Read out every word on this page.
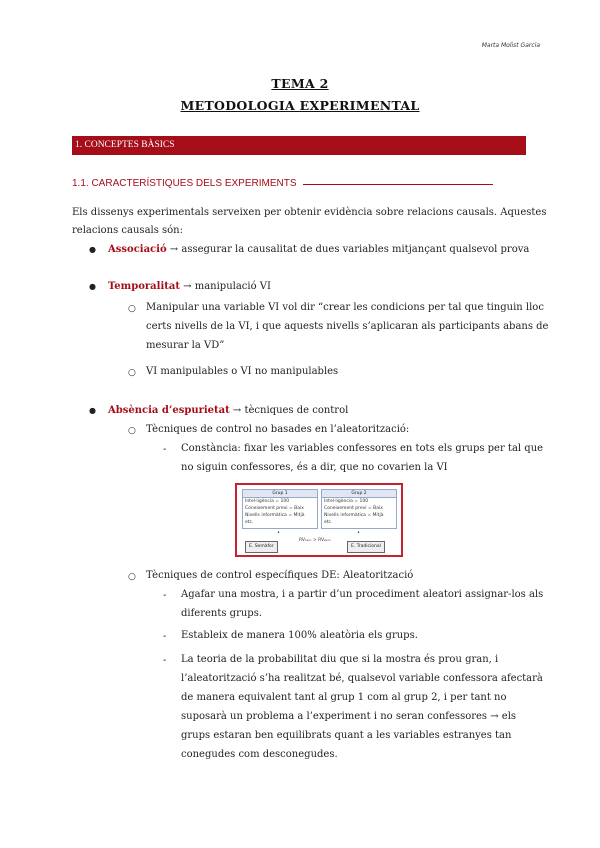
Marta Molist Garcia
TEMA 2
METODOLOGIA EXPERIMENTAL
1. CONCEPTES BÀSICS
1.1. CARACTERÍSTIQUES DELS EXPERIMENTS
Els dissenys experimentals serveixen per obtenir evidència sobre relacions causals. Aquestes
relacions causals són:
● Associació → assegurar la causalitat de dues variables mitjançant qualsevol prova
● Temporalitat → manipulació VI
○ Manipular una variable VI vol dir “crear les condicions per tal que tinguin lloc
certs nivells de la VI, i que aquests nivells s’aplicaran als participants abans de
mesurar la VD”
○ VI manipulables o VI no manipulables
● Absència d’espurietat → tècniques de control
○ Tècniques de control no basades en l’aleatorització:
- Constància: fixar les variables confessores en tots els grups per tal que
no siguin confessores, és a dir, que no covarien la VI
Grup 1
Intel·ligència = 100
Coneixement previ = Baix
Nivells informàtica = Mitjà
etc.
Grup 2
Intel·ligència = 100
Coneixement previ = Baix
Nivells informàtica = Mitjà
etc.
•	•
E. Semàfor
RV₁ₑₘ > RV₂ₑₘ
E. Tradicional
○ Tècniques de control específiques DE: Aleatorització
- Agafar una mostra, i a partir d’un procediment aleatori assignar-los als
diferents grups.
- Estableix de manera 100% aleatòria els grups.
- La teoria de la probabilitat diu que si la mostra és prou gran, i
l’aleatorització s’ha realitzat bé, qualsevol variable confessora afectarà
de manera equivalent tant al grup 1 com al grup 2, i per tant no
suposarà un problema a l’experiment i no seran confessores → els
grups estaran ben equilibrats quant a les variables estranyes tan
conegudes com desconegudes.
